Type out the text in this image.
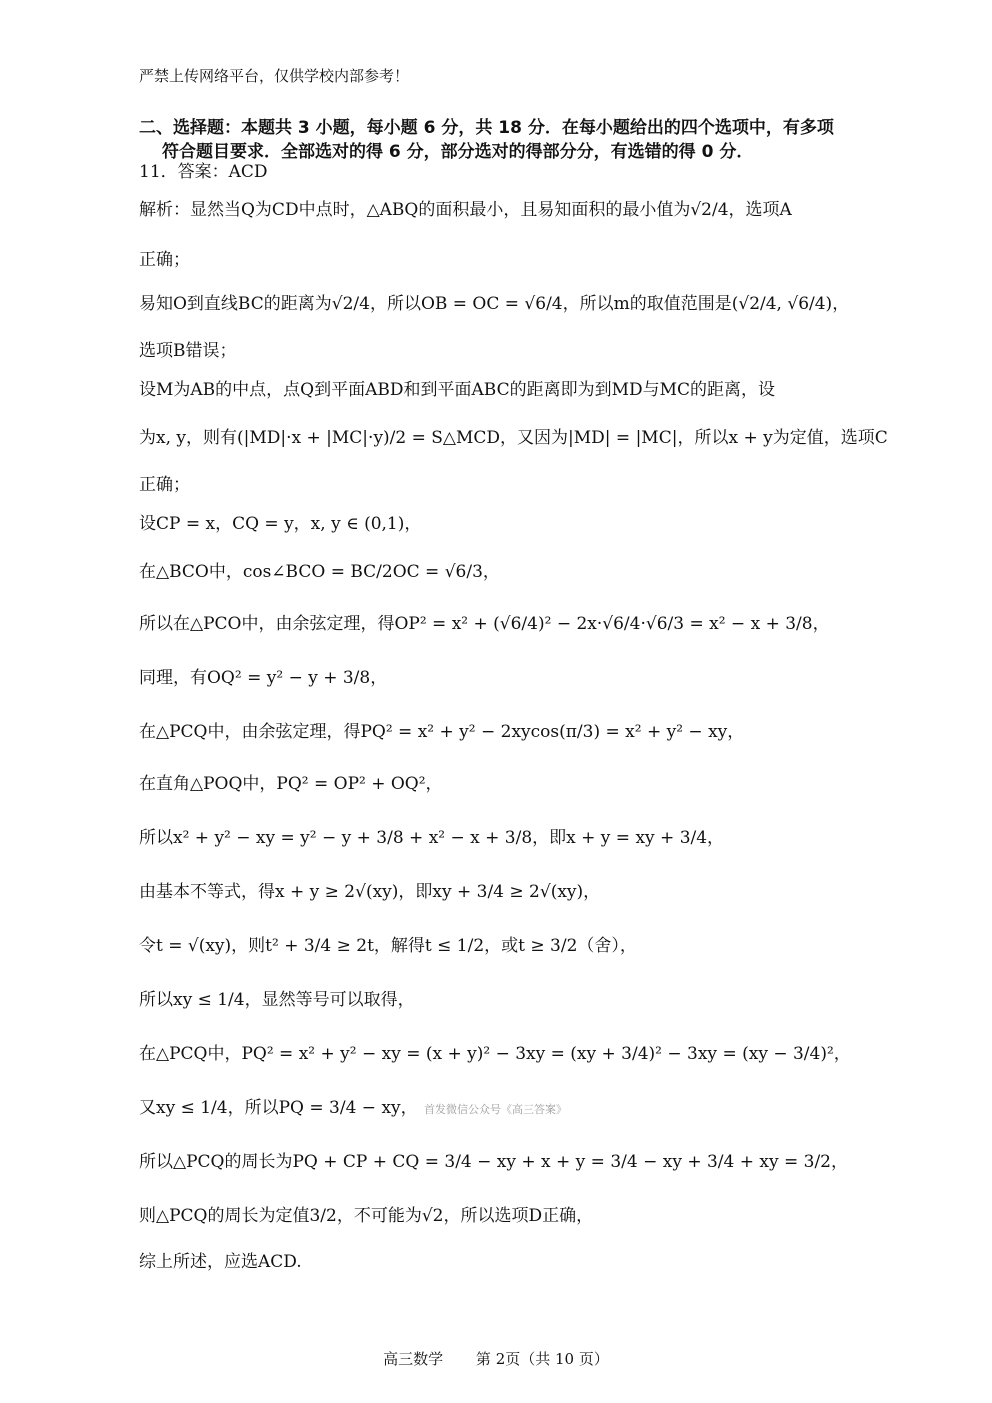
严禁上传网络平台，仅供学校内部参考！
二、选择题：本题共 3 小题，每小题 6 分，共 18 分．在每小题给出的四个选项中，有多项
符合题目要求．全部选对的得 6 分，部分选对的得部分分，有选错的得 0 分．
11．答案：ACD
解析：显然当Q为CD中点时，△ABQ的面积最小，且易知面积的最小值为√2/4，选项A
正确；
易知O到直线BC的距离为√2/4，所以OB = OC = √6/4，所以m的取值范围是(√2/4, √6/4)，
选项B错误；
设M为AB的中点，点Q到平面ABD和到平面ABC的距离即为到MD与MC的距离，设
为x, y，则有(|MD|·x + |MC|·y)/2 = S△MCD，又因为|MD| = |MC|，所以x + y为定值，选项C
正确；
设CP = x，CQ = y，x, y ∈ (0,1)，
在△BCO中，cos∠BCO = BC/2OC = √6/3，
所以在△PCO中，由余弦定理，得OP² = x² + (√6/4)² − 2x·√6/4·√6/3 = x² − x + 3/8，
同理，有OQ² = y² − y + 3/8，
在△PCQ中，由余弦定理，得PQ² = x² + y² − 2xycos(π/3) = x² + y² − xy，
在直角△POQ中，PQ² = OP² + OQ²，
所以x² + y² − xy = y² − y + 3/8 + x² − x + 3/8，即x + y = xy + 3/4，
由基本不等式，得x + y ≥ 2√(xy)，即xy + 3/4 ≥ 2√(xy)，
令t = √(xy)，则t² + 3/4 ≥ 2t，解得t ≤ 1/2，或t ≥ 3/2（舍），
所以xy ≤ 1/4，显然等号可以取得，
在△PCQ中，PQ² = x² + y² − xy = (x + y)² − 3xy = (xy + 3/4)² − 3xy = (xy − 3/4)²，
又xy ≤ 1/4，所以PQ = 3/4 − xy，
所以△PCQ的周长为PQ + CP + CQ = 3/4 − xy + x + y = 3/4 − xy + 3/4 + xy = 3/2，
则△PCQ的周长为定值3/2，不可能为√2，所以选项D正确，
综上所述，应选ACD.
首发微信公众号《高三答案》
高三数学 第 2页（共 10 页）
